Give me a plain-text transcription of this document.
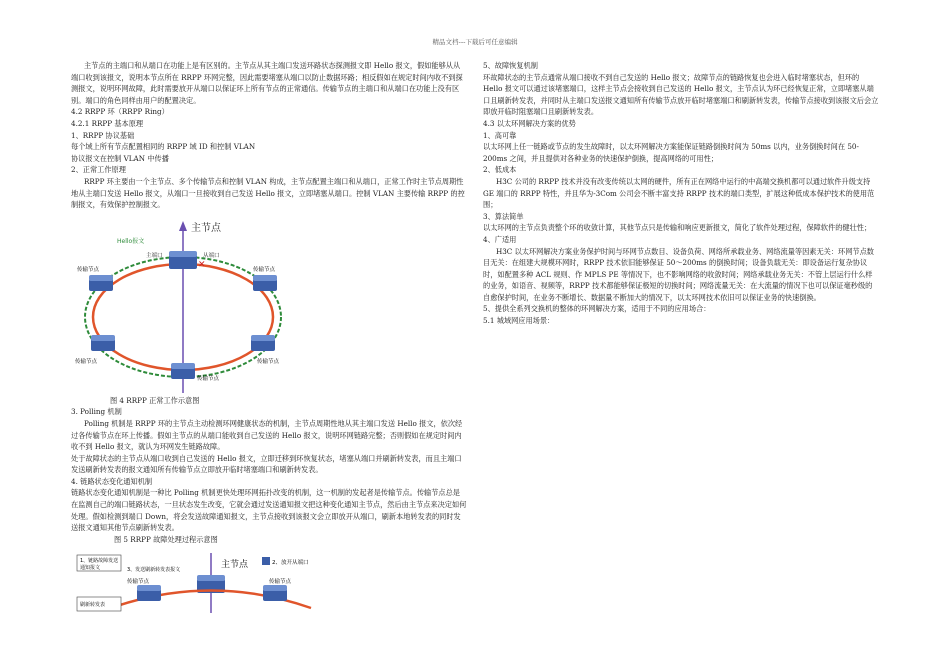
精品文档---下载后可任意编辑

主节点的主端口和从端口在功能上是有区别的。主节点从其主端口发送环路状态探测报文即 Hello 报文，假如能够从从端口收到该报文，说明本节点所在 RRPP 环网完整，因此需要堵塞从端口以防止数据环路；相反假如在规定时间内收不到探测报文，说明环网故障，此时需要放开从端口以保证环上所有节点的正常通信。传输节点的主端口和从端口在功能上没有区别。端口的角色同样由用户的配置决定。

4.2 RRPP 环（RRPP Ring）

4.2.1 RRPP 基本原理

1、RRPP 协议基础

每个域上所有节点配置相同的 RRPP 域 ID 和控制 VLAN

协议报文在控制 VLAN 中传播

2、正常工作原理

RRPP 环主要由一个主节点、多个传输节点和控制 VLAN 构成，主节点配置主端口和从端口，正常工作时主节点周期性地从主端口发送 Hello 报文，从端口一旦接收到自己发送 Hello 报文，立即堵塞从端口。控制 VLAN 主要传输 RRPP 的控制报文，有效保护控制报文。

主节点
Hello报文
主端口	从端口
✕
传输节点	传输节点
传输节点	传输节点
传输节点

图 4 RRPP 正常工作示意图

3. Polling 机制

Polling 机制是 RRPP 环的主节点主动检测环网健康状态的机制，主节点周期性地从其主端口发送 Hello 报文，依次经过各传输节点在环上传播。假如主节点的从端口能收到自己发送的 Hello 报文，说明环网链路完整；否则假如在规定时间内收不到 Hello 报文，就认为环网发生链路故障。

处于故障状态的主节点从端口收到自己发送的 Hello 报文，立即迁移到环恢复状态，堵塞从端口并刷新转发表，而且主端口发送刷新转发表的报文通知所有传输节点立即放开临时堵塞端口和刷新转发表。

4. 链路状态变化通知机制

链路状态变化通知机制是一种比 Polling 机制更快处理环网拓扑改变的机制，这一机制的发起者是传输节点。传输节点总是在监测自己的端口链路状态，一旦状态发生改变，它就会通过发送通知报文把这种变化通知主节点，然后由主节点来决定如何处理。假如检测到端口 Down，将会发送故障通知报文，主节点接收到该报文会立即放开从端口，刷新本地转发表的同时发送报文通知其他节点刷新转发表。

图 5 RRPP 故障处理过程示意图

主节点	2、放开从端口
1、链路故障发送
通知报文	3、发送刷新转发表报文
传输节点	传输节点
刷新转发表

5、故障恢复机制

环故障状态的主节点通常从端口接收不到自己发送的 Hello 报文；故障节点的链路恢复也会进入临时堵塞状态，但环的 Hello 报文可以通过该堵塞端口，这样主节点会接收到自己发送的 Hello 报文，主节点认为环已经恢复正常，立即堵塞从端口且刷新转发表，并同时从主端口发送报文通知所有传输节点放开临时堵塞端口和刷新转发表，传输节点接收到该报文后会立即放开临时阻塞端口且刷新转发表。

4.3 以太环网解决方案的优势

1、高可靠

以太环网上任一链路或节点的发生故障时，以太环网解决方案能保证链路倒换时间为 50ms 以内，业务倒换时间在 50-200ms 之间，并且提供对各种业务的快速保护倒换，提高网络的可用性；

2、低成本

H3C 公司的 RRPP 技术并没有改变传统以太网的硬件，所有正在网络中运行的中高端交换机都可以通过软件升级支持 GE 端口的 RRPP 特性，并且华为-3Com 公司会不断丰富支持 RRPP 技术的端口类型，扩展这种低成本保护技术的使用范围；

3、算法简单

以太环网的主节点负责整个环的收敛计算，其他节点只是传输和响应更新报文，简化了软件处理过程，保障软件的健壮性；

4、广适用

H3C 以太环网解决方案业务保护时间与环网节点数目、设备负荷、网络所承载业务、网络流量等因素无关：环网节点数目无关：在组建大规模环网时，RRPP 技术依旧能够保证 50～200ms 的倒换时间；设备负载无关：即设备运行复杂协议时，如配置多种 ACL 规则、作 MPLS PE 等情况下，也不影响网络的收敛时间；网络承载业务无关：不管上层运行什么样的业务，如语音、视频等，RRPP 技术都能够保证极短的切换时间；网络流量无关：在大流量的情况下也可以保证毫秒级的自愈保护时间，在业务不断增长、数据量不断加大的情况下，以太环网技术依旧可以保证业务的快速倒换。

5、提供全系列交换机的整体的环网解决方案，适用于不同的应用场合：

5.1 城域网应用场景：
